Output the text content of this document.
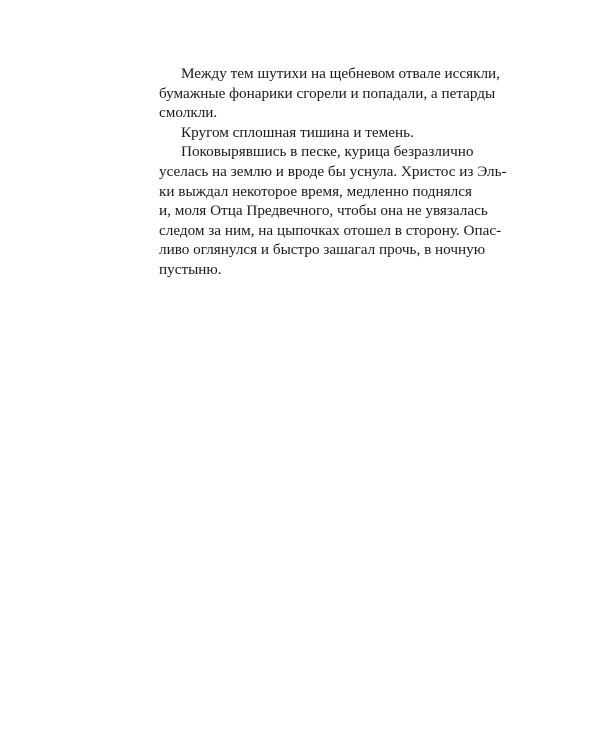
Между тем шутихи на щебневом отвале иссякли,
бумажные фонарики сгорели и попадали, а петарды
смолкли.
Кругом сплошная тишина и темень.
Поковырявшись в песке, курица безразлично
уселась на землю и вроде бы уснула. Христос из Эль-
ки выждал некоторое время, медленно поднялся
и, моля Отца Предвечного, чтобы она не увязалась
следом за ним, на цыпочках отошел в сторону. Опас-
ливо оглянулся и быстро зашагал прочь, в ночную
пустыню.
